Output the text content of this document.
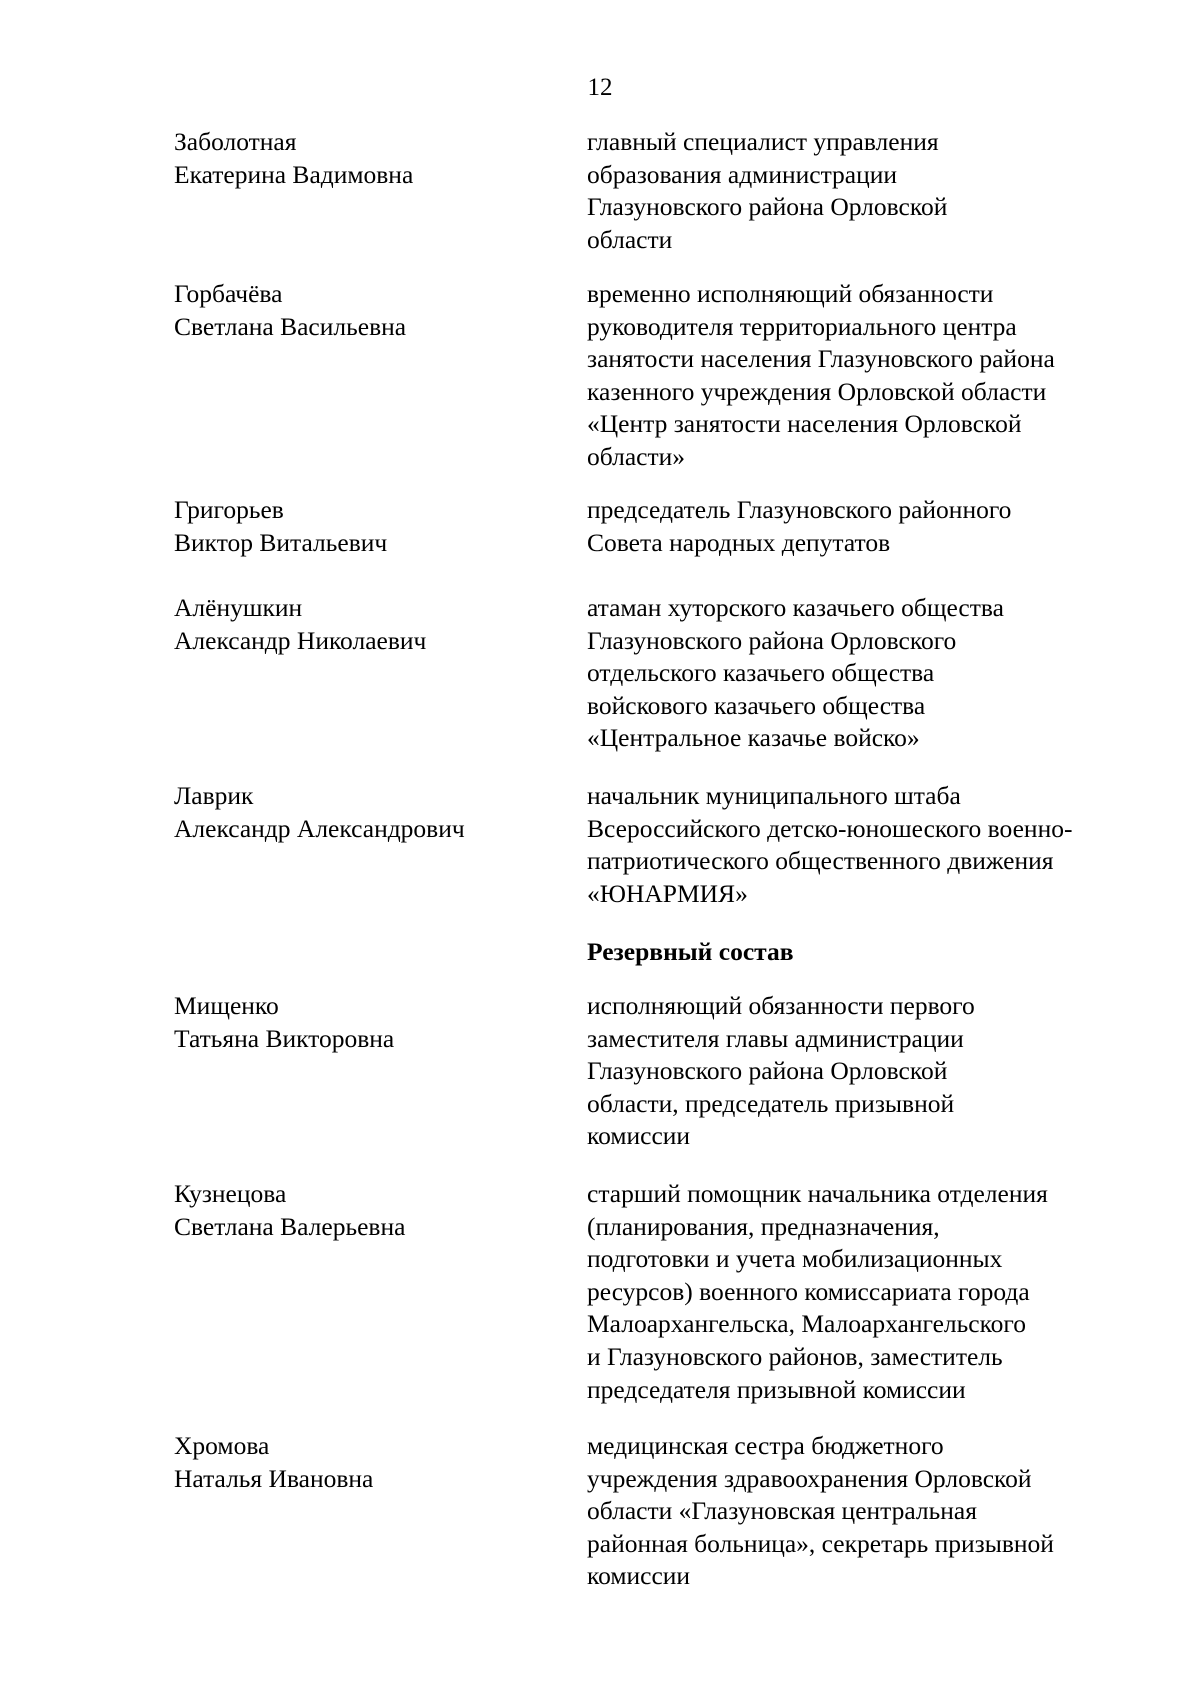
12
Заболотная
Екатерина Вадимовна
главный специалист управления
образования администрации
Глазуновского района Орловской
области
Горбачёва
Светлана Васильевна
временно исполняющий обязанности
руководителя территориального центра
занятости населения Глазуновского района
казенного учреждения Орловской области
«Центр занятости населения Орловской
области»
Григорьев
Виктор Витальевич
председатель Глазуновского районного
Совета народных депутатов
Алёнушкин
Александр Николаевич
атаман хуторского казачьего общества
Глазуновского района Орловского
отдельского казачьего общества
войскового казачьего общества
«Центральное казачье войско»
Лаврик
Александр Александрович
начальник муниципального штаба
Всероссийского детско-юношеского военно-
патриотического общественного движения
«ЮНАРМИЯ»
Резервный состав
Мищенко
Татьяна Викторовна
исполняющий обязанности первого
заместителя главы администрации
Глазуновского района Орловской
области, председатель призывной
комиссии
Кузнецова
Светлана Валерьевна
старший помощник начальника отделения
(планирования, предназначения,
подготовки и учета мобилизационных
ресурсов) военного комиссариата города
Малоархангельска, Малоархангельского
и Глазуновского районов, заместитель
председателя призывной комиссии
Хромова
Наталья Ивановна
медицинская сестра бюджетного
учреждения здравоохранения Орловской
области «Глазуновская центральная
районная больница», секретарь призывной
комиссии
